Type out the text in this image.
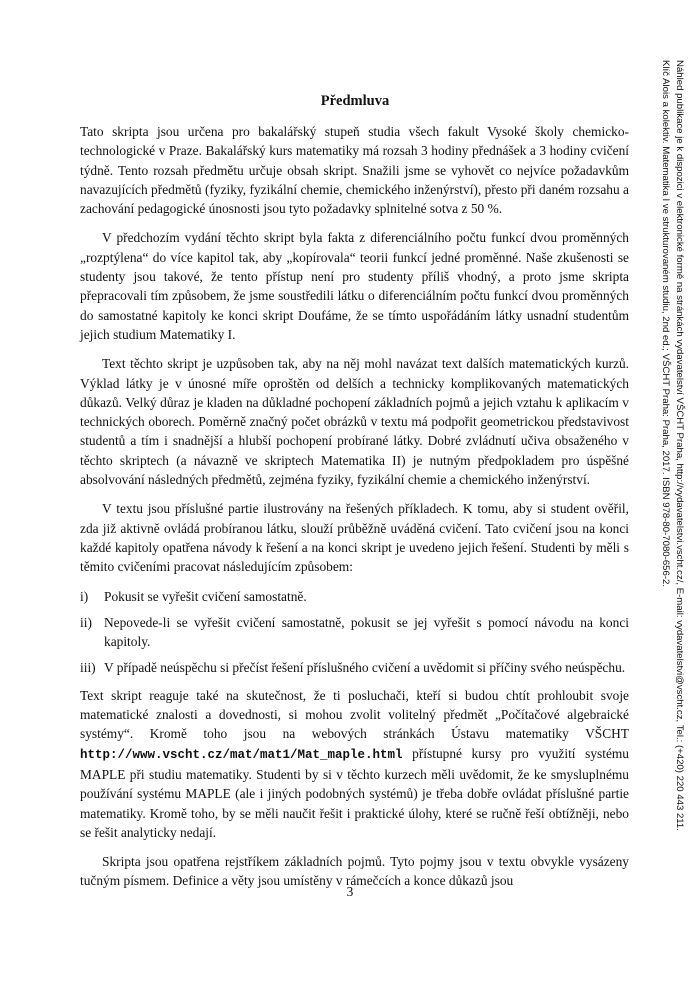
Předmluva

Tato skripta jsou určena pro bakalářský stupeň studia všech fakult Vysoké školy chemicko-technologické v Praze. Bakalářský kurs matematiky má rozsah 3 hodiny přednášek a 3 hodiny cvičení týdně. Tento rozsah předmětu určuje obsah skript. Snažili jsme se vyhovět co nejvíce požadavkům navazujících předmětů (fyziky, fyzikální chemie, chemického inženýrství), přesto při daném rozsahu a zachování pedagogické únosnosti jsou tyto požadavky splnitelné sotva z 50 %.

V předchozím vydání těchto skript byla fakta z diferenciálního počtu funkcí dvou proměnných „rozptýlena“ do více kapitol tak, aby „kopírovala“ teorii funkcí jedné proměnné. Naše zkušenosti se studenty jsou takové, že tento přístup není pro studenty příliš vhodný, a proto jsme skripta přepracovali tím způsobem, že jsme soustředili látku o diferenciálním počtu funkcí dvou proměnných do samostatné kapitoly ke konci skript Doufáme, že se tímto uspořádáním látky usnadní studentům jejich studium Matematiky I.

Text těchto skript je uzpůsoben tak, aby na něj mohl navázat text dalších matematických kurzů. Výklad látky je v únosné míře oproštěn od delších a technicky komplikovaných matematických důkazů. Velký důraz je kladen na důkladné pochopení základních pojmů a jejich vztahu k aplikacím v technických oborech. Poměrně značný počet obrázků v textu má podpořit geometrickou představivost studentů a tím i snadnější a hlubší pochopení probírané látky. Dobré zvládnutí učiva obsaženého v těchto skriptech (a návazně ve skriptech Matematika II) je nutným předpokladem pro úspěšné absolvování následných předmětů, zejména fyziky, fyzikální chemie a chemického inženýrství.

V textu jsou příslušné partie ilustrovány na řešených příkladech. K tomu, aby si student ověřil, zda již aktivně ovládá probíranou látku, slouží průběžně uváděná cvičení. Tato cvičení jsou na konci každé kapitoly opatřena návody k řešení a na konci skript je uvedeno jejich řešení. Studenti by měli s těmito cvičeními pracovat následujícím způsobem:

i) Pokusit se vyřešit cvičení samostatně.
ii) Nepovede-li se vyřešit cvičení samostatně, pokusit se jej vyřešit s pomocí návodu na konci kapitoly.
iii) V případě neúspěchu si přečíst řešení příslušného cvičení a uvědomit si příčiny svého neúspěchu.

Text skript reaguje také na skutečnost, že ti posluchači, kteří si budou chtít prohloubit svoje matematické znalosti a dovednosti, si mohou zvolit volitelný předmět „Počítačové algebraické systémy“. Kromě toho jsou na webových stránkách Ústavu matematiky VŠCHT http://www.vscht.cz/mat/mat1/Mat_maple.html přístupné kursy pro využití systému MAPLE při studiu matematiky. Studenti by si v těchto kurzech měli uvědomit, že ke smysluplnému používání systému MAPLE (ale i jiných podobných systémů) je třeba dobře ovládat příslušné partie matematiky. Kromě toho, by se měli naučit řešit i praktické úlohy, které se ručně řeší obtížněji, nebo se řešit analyticky nedají.

Skripta jsou opatřena rejstříkem základních pojmů. Tyto pojmy jsou v textu obvykle vysázeny tučným písmem. Definice a věty jsou umístěny v rámečcích a konce důkazů jsou

3
Náhled publikace je k dispozici v elektronické formě na stránkách vydavatelství VŠCHT Praha, http://vydavatelstvi.vscht.cz/, E-mail: vydavatelstvi@vscht.cz, Tel.: (+420) 220 443 211.
Klíč Alois a kolektiv. Matematika I ve strukturovaném studiu, 2nd ed.; VŠCHT Praha: Praha, 2017. ISBN 978-80-7080-656-2.
